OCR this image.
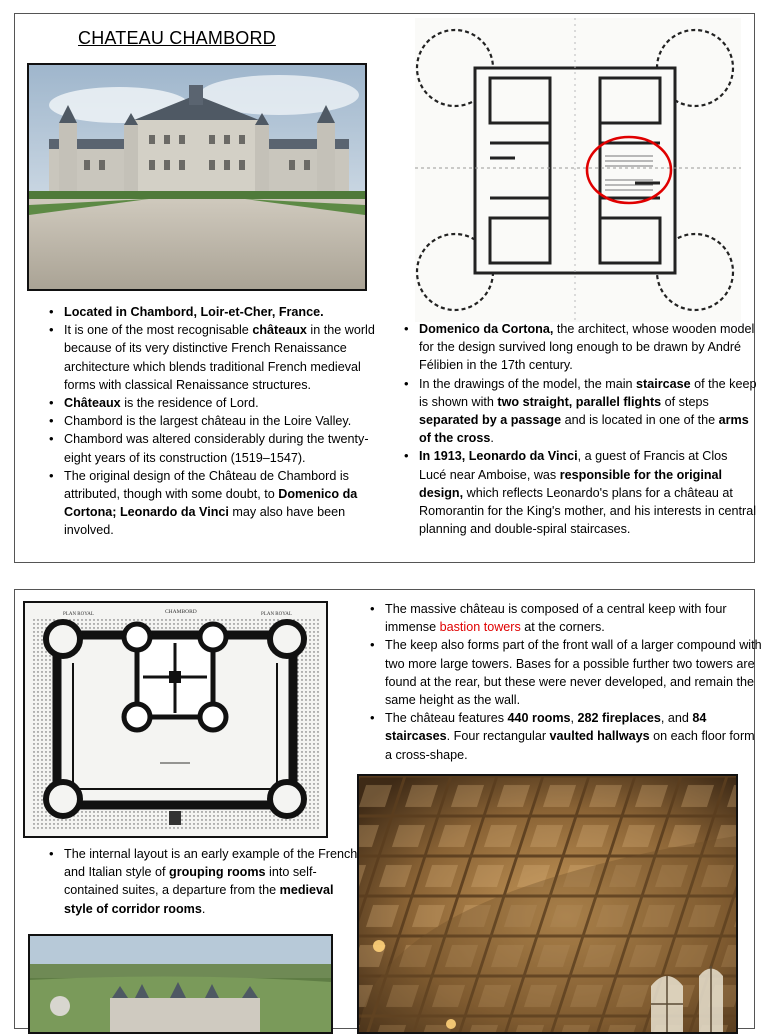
CHATEAU CHAMBORD
• Located in Chambord, Loir-et-Cher, France.
• It is one of the most recognisable châteaux in the world because of its very distinctive French Renaissance architecture which blends traditional French medieval forms with classical Renaissance structures.
• Châteaux is the residence of Lord.
• Chambord is the largest château in the Loire Valley.
• Chambord was altered considerably during the twenty-eight years of its construction (1519–1547).
• The original design of the Château de Chambord is attributed, though with some doubt, to Domenico da Cortona; Leonardo da Vinci may also have been involved.
• Domenico da Cortona, the architect, whose wooden model for the design survived long enough to be drawn by André Félibien in the 17th century.
• In the drawings of the model, the main staircase of the keep is shown with two straight, parallel flights of steps separated by a passage and is located in one of the arms of the cross.
• In 1913, Leonardo da Vinci, a guest of Francis at Clos Lucé near Amboise, was responsible for the original design, which reflects Leonardo's plans for a château at Romorantin for the King's mother, and his interests in central planning and double-spiral staircases.
PLAN ROYAL	CHAMBORD	PLAN ROYAL	• The massive château is composed of a central keep with four immense bastion towers at the corners.
• The keep also forms part of the front wall of a larger compound with two more large towers. Bases for a possible further two towers are found at the rear, but these were never developed, and remain the same height as the wall.
• The château features 440 rooms, 282 fireplaces, and 84 staircases. Four rectangular vaulted hallways on each floor form a cross-shape.
• The internal layout is an early example of the French and Italian style of grouping rooms into self-contained suites, a departure from the medieval style of corridor rooms.
